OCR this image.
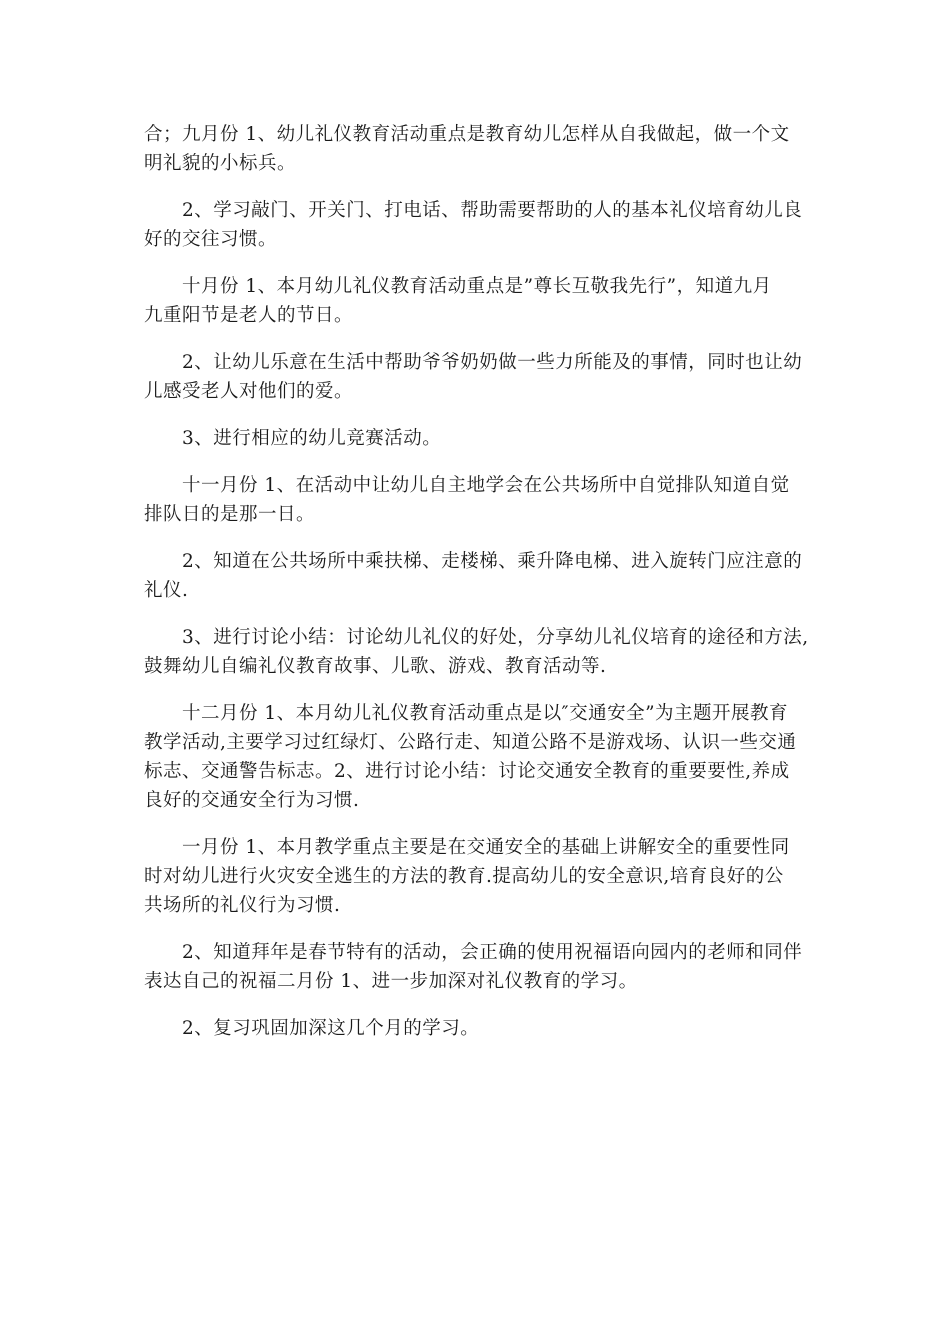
合；九月份 1、幼儿礼仪教育活动重点是教育幼儿怎样从自我做起，做一个文
明礼貌的小标兵。

2、学习敲门、开关门、打电话、帮助需要帮助的人的基本礼仪培育幼儿良
好的交往习惯。

十月份 1、本月幼儿礼仪教育活动重点是”尊长互敬我先行”，知道九月
九重阳节是老人的节日。

2、让幼儿乐意在生活中帮助爷爷奶奶做一些力所能及的事情，同时也让幼
儿感受老人对他们的爱。

3、进行相应的幼儿竞赛活动。

十一月份 1、在活动中让幼儿自主地学会在公共场所中自觉排队知道自觉
排队日的是那一日。

2、知道在公共场所中乘扶梯、走楼梯、乘升降电梯、进入旋转门应注意的
礼仪.

3、进行讨论小结：讨论幼儿礼仪的好处，分享幼儿礼仪培育的途径和方法,
鼓舞幼儿自编礼仪教育故事、儿歌、游戏、教育活动等.

十二月份 1、本月幼儿礼仪教育活动重点是以″交通安全”为主题开展教育
教学活动,主要学习过红绿灯、公路行走、知道公路不是游戏场、认识一些交通
标志、交通警告标志。2、进行讨论小结：讨论交通安全教育的重要要性,养成
良好的交通安全行为习惯.

一月份 1、本月教学重点主要是在交通安全的基础上讲解安全的重要性同
时对幼儿进行火灾安全逃生的方法的教育.提高幼儿的安全意识,培育良好的公
共场所的礼仪行为习惯.

2、知道拜年是春节特有的活动，会正确的使用祝福语向园内的老师和同伴
表达自己的祝福二月份 1、进一步加深对礼仪教育的学习。

2、复习巩固加深这几个月的学习。
